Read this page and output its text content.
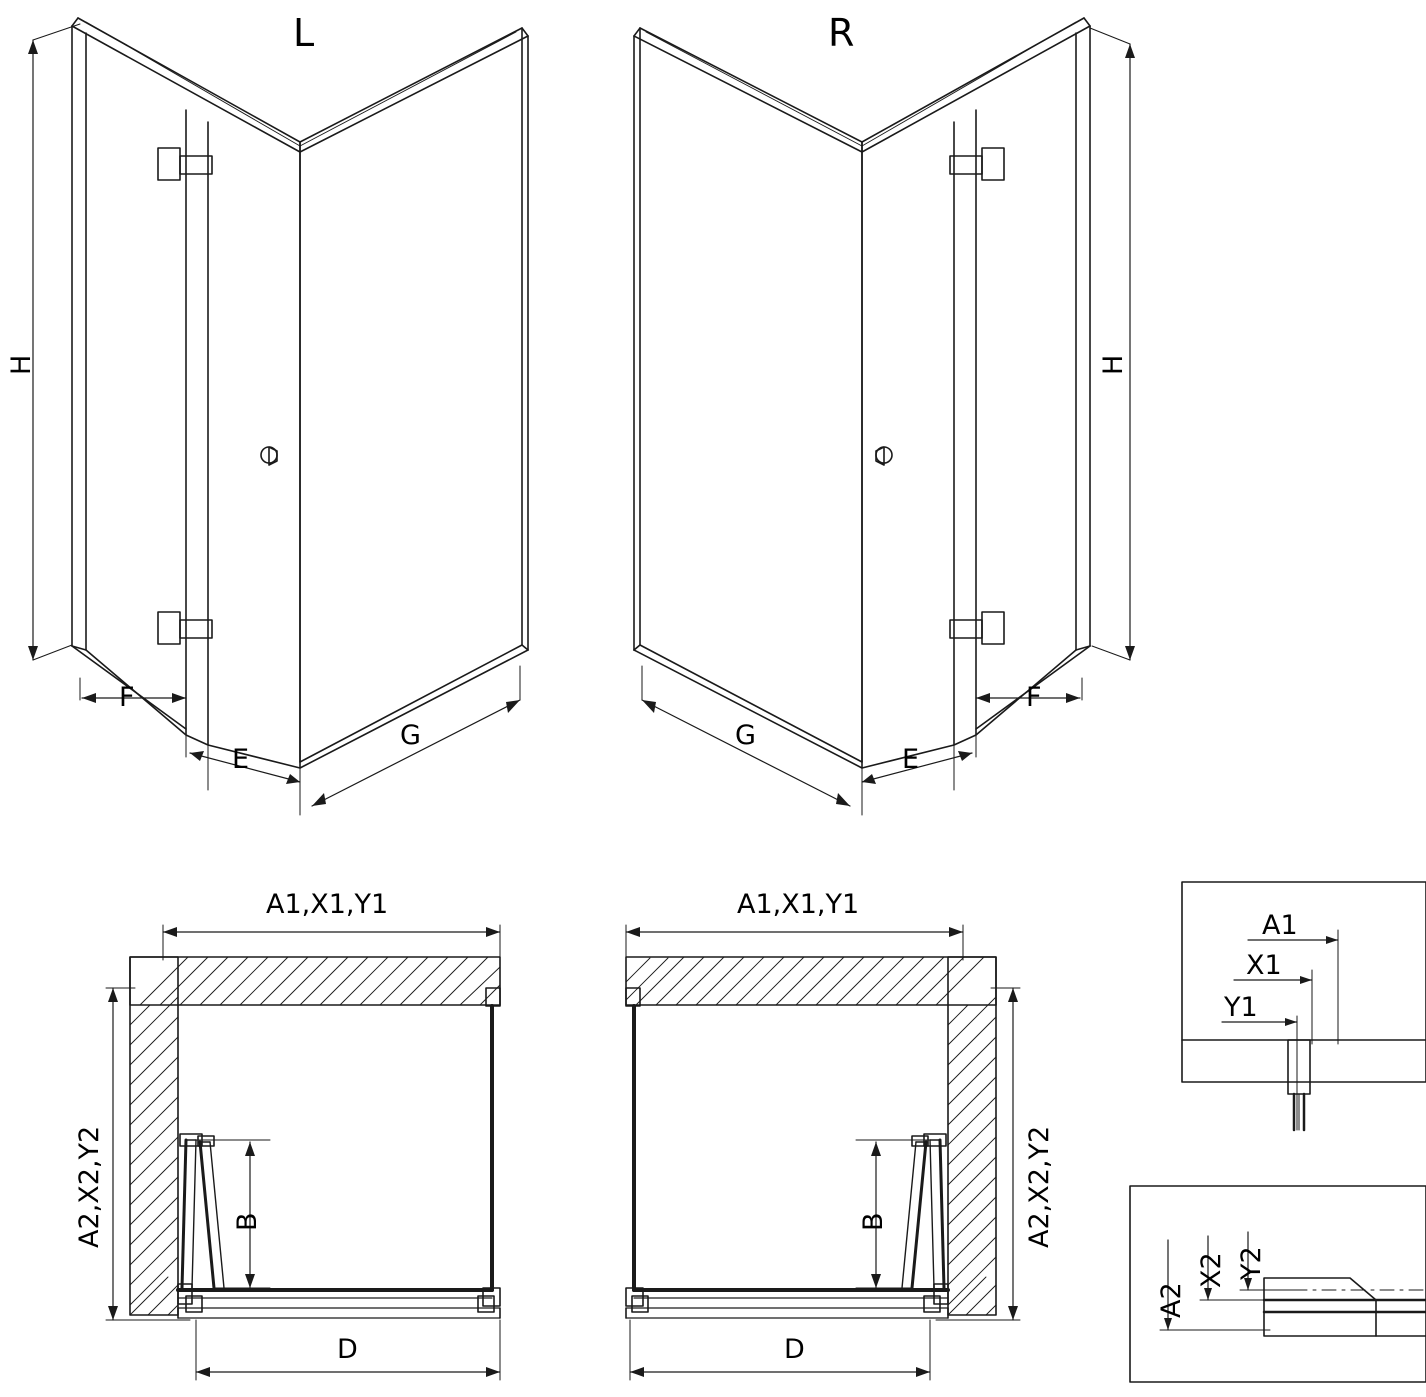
L
H
F
E
G
R
H
F
E
G
A1,X1,Y1
A2,X2,Y2	B
D
A1,X1,Y1
A2,X2,Y2
B
D
A1
X1
Y1
A2
X2 Y2
